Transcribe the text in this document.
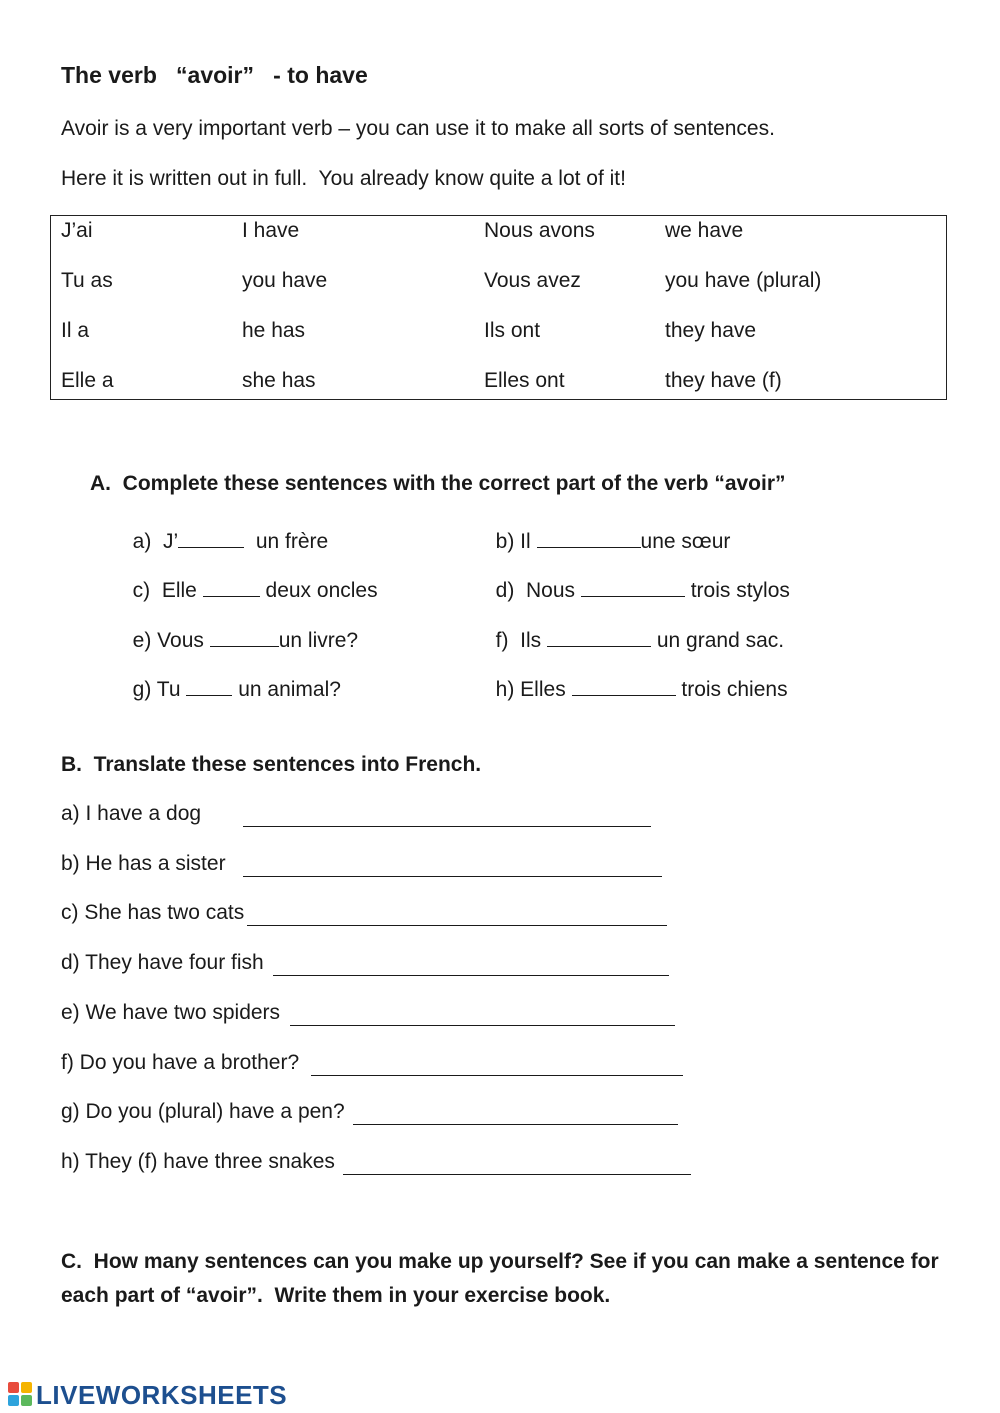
The verb   “avoir”   - to have
Avoir is a very important verb – you can use it to make all sorts of sentences.
Here it is written out in full.  You already know quite a lot of it!
J’ai	I have	Nous avons	we have
Tu as	you have	Vous avez	you have (plural)
Il a	he has	Ils ont	they have
Elle a	she has	Elles ont	they have (f)
A.  Complete these sentences with the correct part of the verb “avoir”

a)  J’	un frère	b) Il	une sœur

c)  Elle	deux oncles	d)  Nous	trois stylos

e) Vous	un livre?	f)  Ils	un grand sac.

g) Tu  un animal?	h) Elles	trois chiens

B.  Translate these sentences into French.
a) I have a dog
b) He has a sister
c) She has two cats
d) They have four fish
e) We have two spiders
f) Do you have a brother?
g) Do you (plural) have a pen?
h) They (f) have three snakes
C.  How many sentences can you make up yourself? See if you can make a sentence for
each part of “avoir”.  Write them in your exercise book.
LIVEWORKSHEETS
